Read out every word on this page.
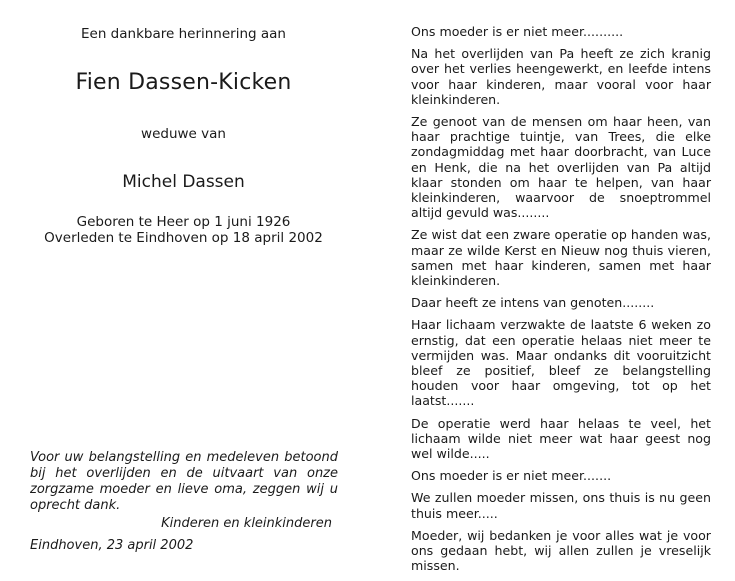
Een dankbare herinnering aan
Fien Dassen-Kicken
weduwe van
Michel Dassen
Geboren te Heer op 1 juni 1926
Overleden te Eindhoven op 18 april 2002
Voor uw belangstelling en medeleven betoond bij het overlijden en de uitvaart van onze zorgzame moeder en lieve oma, zeggen wij u oprecht dank.
Kinderen en kleinkinderen
Eindhoven, 23 april 2002

Ons moeder is er niet meer..........

Na het overlijden van Pa heeft ze zich kranig over het verlies heengewerkt, en leefde intens voor haar kinderen, maar vooral voor haar kleinkinderen.

Ze genoot van de mensen om haar heen, van haar prachtige tuintje, van Trees, die elke zondagmiddag met haar doorbracht, van Luce en Henk, die na het overlijden van Pa altijd klaar stonden om haar te helpen, van haar kleinkinderen, waarvoor de snoeptrommel altijd gevuld was........

Ze wist dat een zware operatie op handen was, maar ze wilde Kerst en Nieuw nog thuis vieren, samen met haar kinderen, samen met haar kleinkinderen.

Daar heeft ze intens van genoten........

Haar lichaam verzwakte de laatste 6 weken zo ernstig, dat een operatie helaas niet meer te vermijden was. Maar ondanks dit vooruitzicht bleef ze positief, bleef ze belangstelling houden voor haar omgeving, tot op het laatst.......

De operatie werd haar helaas te veel, het lichaam wilde niet meer wat haar geest nog wel wilde.....

Ons moeder is er niet meer.......

We zullen moeder missen, ons thuis is nu geen thuis meer.....

Moeder, wij bedanken je voor alles wat je voor ons gedaan hebt, wij allen zullen je vreselijk missen.
